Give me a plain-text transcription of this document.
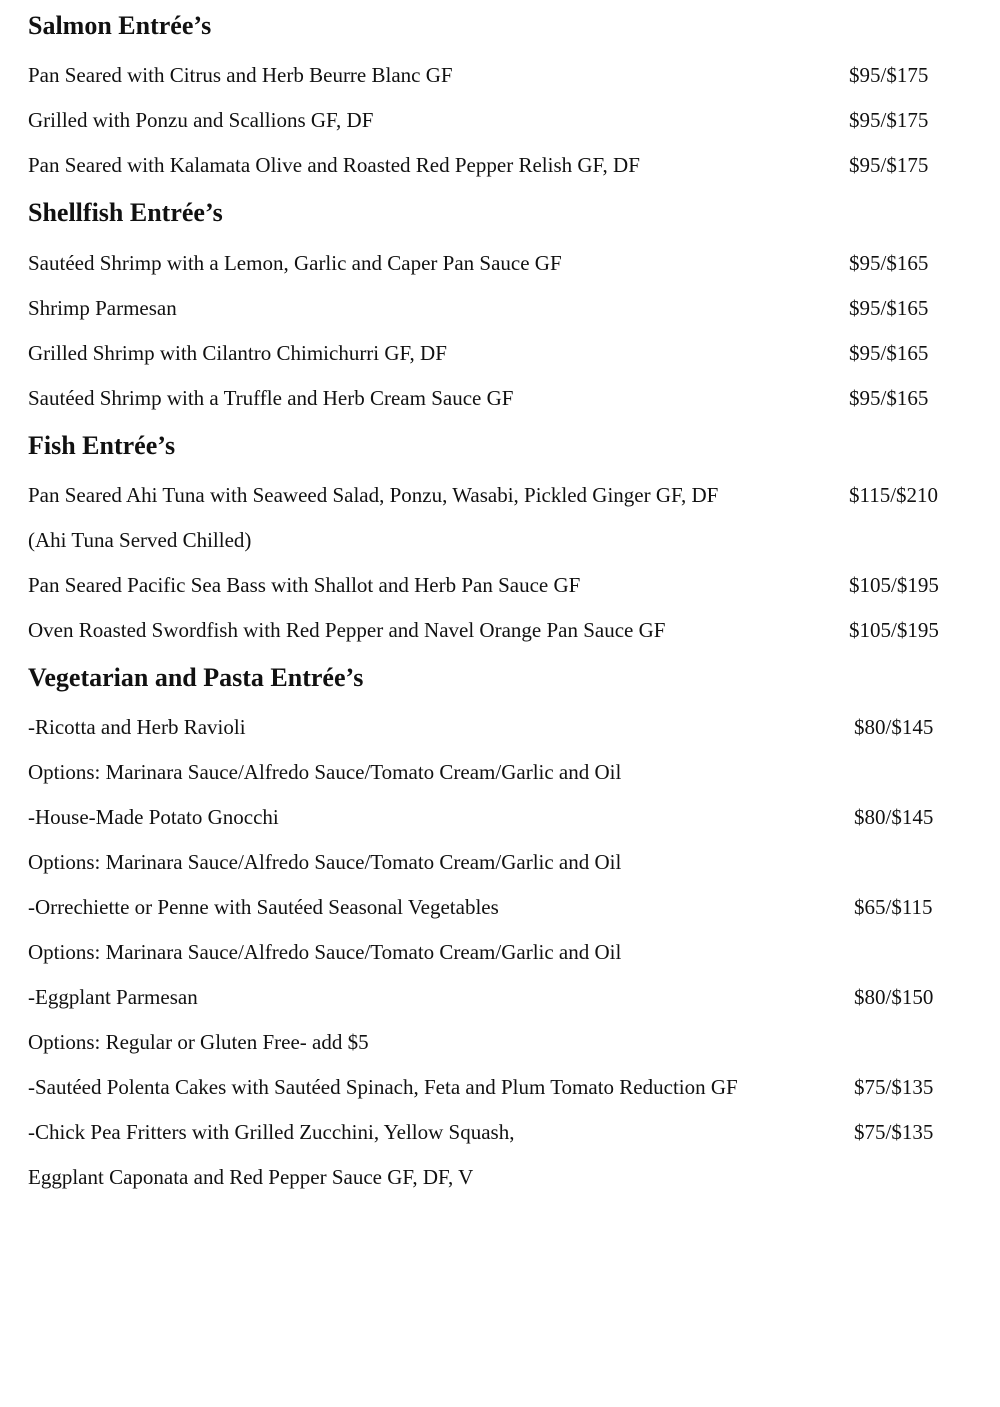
Salmon Entrée’s
Pan Seared with Citrus and Herb Beurre Blanc GF	$95/$175
Grilled with Ponzu and Scallions GF, DF	$95/$175
Pan Seared with Kalamata Olive and Roasted Red Pepper Relish GF, DF	$95/$175
Shellfish Entrée’s
Sautéed Shrimp with a Lemon, Garlic and Caper Pan Sauce GF	$95/$165
Shrimp Parmesan	$95/$165
Grilled Shrimp with Cilantro Chimichurri GF, DF	$95/$165
Sautéed Shrimp with a Truffle and Herb Cream Sauce GF	$95/$165
Fish Entrée’s
Pan Seared Ahi Tuna with Seaweed Salad, Ponzu, Wasabi, Pickled Ginger GF, DF	$115/$210
(Ahi Tuna Served Chilled)
Pan Seared Pacific Sea Bass with Shallot and Herb Pan Sauce GF	$105/$195
Oven Roasted Swordfish with Red Pepper and Navel Orange Pan Sauce GF	$105/$195
Vegetarian and Pasta Entrée’s
-Ricotta and Herb Ravioli	$80/$145
Options: Marinara Sauce/Alfredo Sauce/Tomato Cream/Garlic and Oil
-House-Made Potato Gnocchi	$80/$145
Options: Marinara Sauce/Alfredo Sauce/Tomato Cream/Garlic and Oil
-Orrechiette or Penne with Sautéed Seasonal Vegetables	$65/$115
Options: Marinara Sauce/Alfredo Sauce/Tomato Cream/Garlic and Oil
-Eggplant Parmesan	$80/$150
Options: Regular or Gluten Free- add $5
-Sautéed Polenta Cakes with Sautéed Spinach, Feta and Plum Tomato Reduction GF	$75/$135
-Chick Pea Fritters with Grilled Zucchini, Yellow Squash,	$75/$135
Eggplant Caponata and Red Pepper Sauce GF, DF, V
